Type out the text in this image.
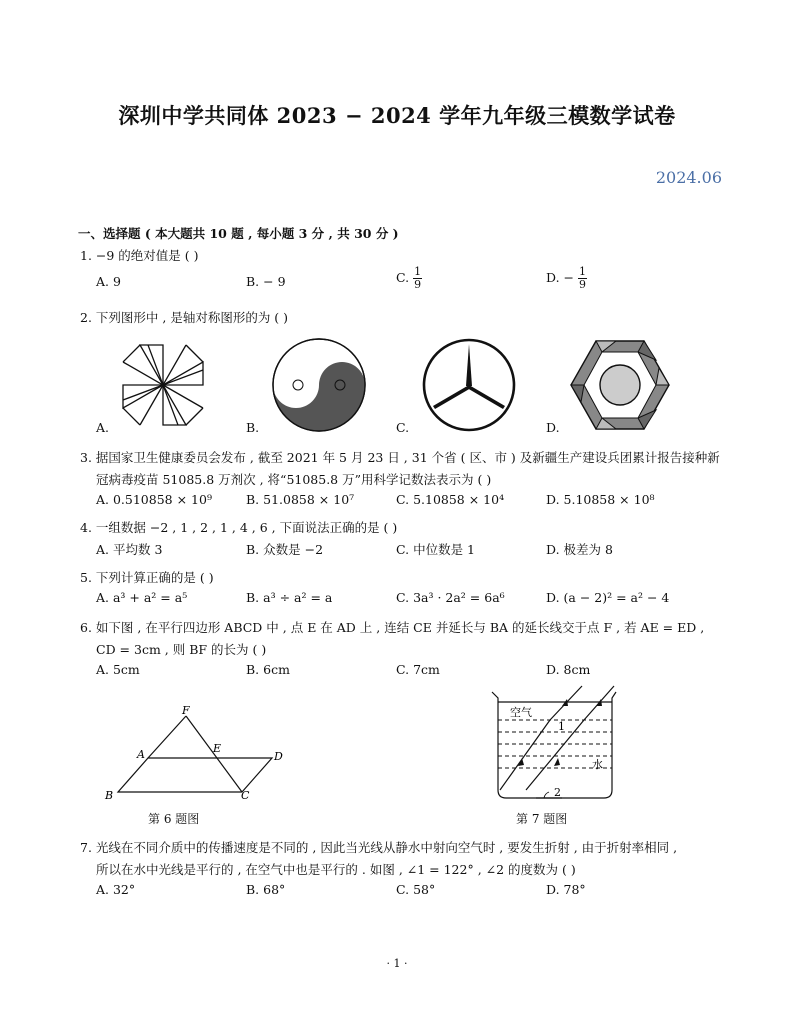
深圳中学共同体 2023 − 2024 学年九年级三模数学试卷
2024.06
一、选择题 ( 本大题共 10 题 , 每小题 3 分 , 共 30 分 )
1. −9 的绝对值是 ( )
A. 9	B. − 9	C. $\frac{1}{9}$	D. − $\frac{1}{9}$
2. 下列图形中 , 是轴对称图形的为 ( )
A.	B.	C.	D.
3. 据国家卫生健康委员会发布 , 截至 2021 年 5 月 23 日 , 31 个省 ( 区、市 ) 及新疆生产建设兵团累计报告接种新
冠病毒疫苗 51085.8 万剂次 , 将“51085.8 万”用科学记数法表示为 ( )
A. 0.510858 × 10⁹	B. 51.0858 × 10⁷	C. 5.10858 × 10⁴	D. 5.10858 × 10⁸
4. 一组数据 −2 , 1 , 2 , 1 , 4 , 6 , 下面说法正确的是 ( )
A. 平均数 3	B. 众数是 −2	C. 中位数是 1	D. 极差为 8
5. 下列计算正确的是 ( )
A. a³ + a² = a⁵	B. a³ ÷ a² = a	C. 3a³ · 2a² = 6a⁶	D. (a − 2)² = a² − 4
6. 如下图 , 在平行四边形 ABCD 中 , 点 E 在 AD 上 , 连结 CE 并延长与 BA 的延长线交于点 F , 若 AE = ED ,
CD = 3cm , 则 BF 的长为 ( )
A. 5cm	B. 6cm	C. 7cm	D. 8cm
F
A	E
D
B	C
第 6 题图
空气
水
1
2
第 7 题图
7. 光线在不同介质中的传播速度是不同的 , 因此当光线从静水中射向空气时 , 要发生折射 , 由于折射率相同 ,
所以在水中光线是平行的 , 在空气中也是平行的 . 如图 , ∠1 = 122° , ∠2 的度数为 ( )
A. 32°	B. 68°	C. 58°	D. 78°
· 1 ·
